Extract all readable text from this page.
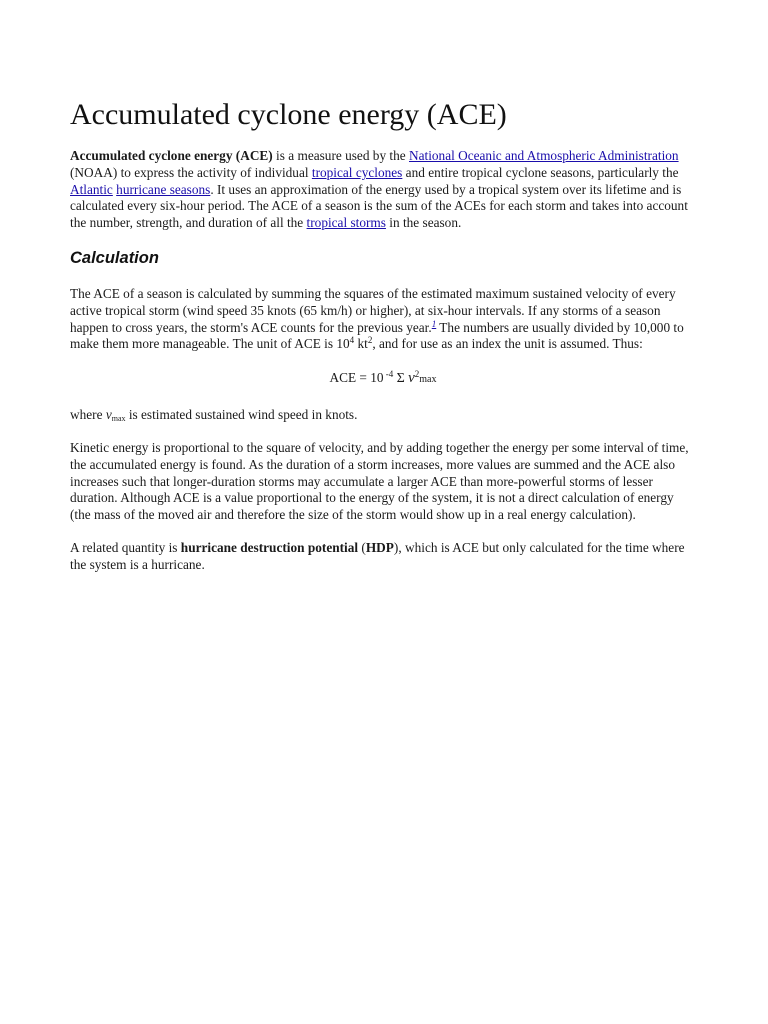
Accumulated cyclone energy (ACE)

Accumulated cyclone energy (ACE) is a measure used by the National Oceanic and Atmospheric Administration (NOAA) to express the activity of individual tropical cyclones and entire tropical cyclone seasons, particularly the Atlantic hurricane seasons. It uses an approximation of the energy used by a tropical system over its lifetime and is calculated every six-hour period. The ACE of a season is the sum of the ACEs for each storm and takes into account the number, strength, and duration of all the tropical storms in the season.

Calculation

The ACE of a season is calculated by summing the squares of the estimated maximum sustained velocity of every active tropical storm (wind speed 35 knots (65 km/h) or higher), at six-hour intervals. If any storms of a season happen to cross years, the storm's ACE counts for the previous year.$^1$ The numbers are usually divided by 10,000 to make them more manageable. The unit of ACE is $10^4$ $kt^2$, and for use as an index the unit is assumed. Thus:

ACE = 10 $^{-4}$ Σ $v^2\max$

where $v_{max}$ is estimated sustained wind speed in knots.

Kinetic energy is proportional to the square of velocity, and by adding together the energy per some interval of time, the accumulated energy is found. As the duration of a storm increases, more values are summed and the ACE also increases such that longer-duration storms may accumulate a larger ACE than more-powerful storms of lesser duration. Although ACE is a value proportional to the energy of the system, it is not a direct calculation of energy (the mass of the moved air and therefore the size of the storm would show up in a real energy calculation).

A related quantity is hurricane destruction potential (HDP), which is ACE but only calculated for the time where the system is a hurricane.
